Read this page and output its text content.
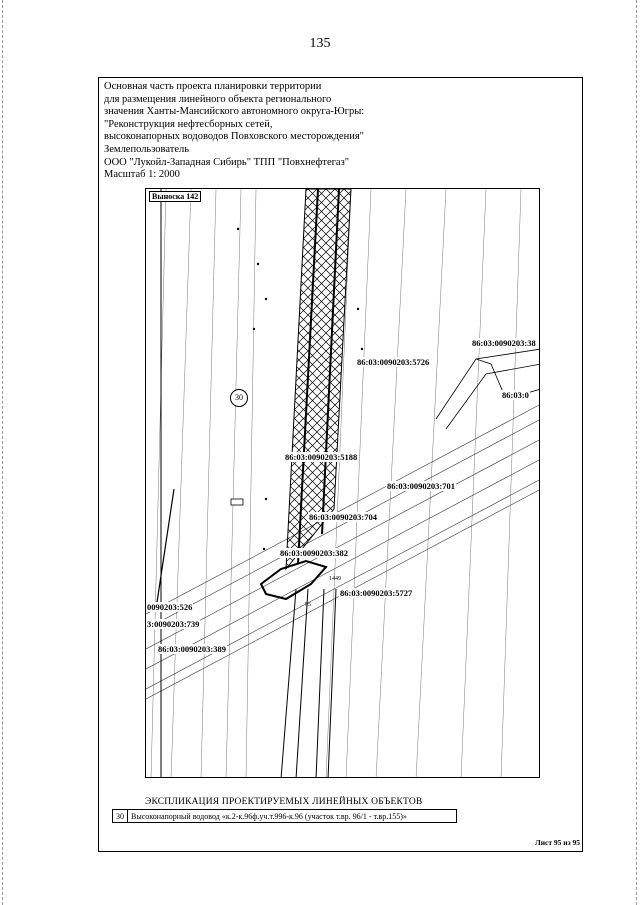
135
Основная часть проекта планировки территории
для размещения линейного объекта регионального
значения Ханты-Мансийского автономного округа-Югры:
"Реконструкция нефтесборных сетей,
высоконапорных водоводов Повховского месторождения"
Землепользователь
ООО "Лукойл-Западная Сибирь" ТПП "Повхнефтегаз"
Масштаб 1: 2000
Выноска 142
30
86:03:0090203:38
86:03:0090203:5726
86:03:0
86:03:0090203:5188
86:03:0090203:701
86:03:0090203:704
86:03:0090203:382
86:03:0090203:5727
0090203:526
3:0090203:739
86:03:0090203:389
1449
95
ЭКСПЛИКАЦИЯ ПРОЕКТИРУЕМЫХ ЛИНЕЙНЫХ ОБЪЕКТОВ
30 Высоконапорный водовод «к.2-к.96ф.уч.т.996-к.96 (участок т.вр. 96/1 - т.вр.155)»
Лист 95 из 95
